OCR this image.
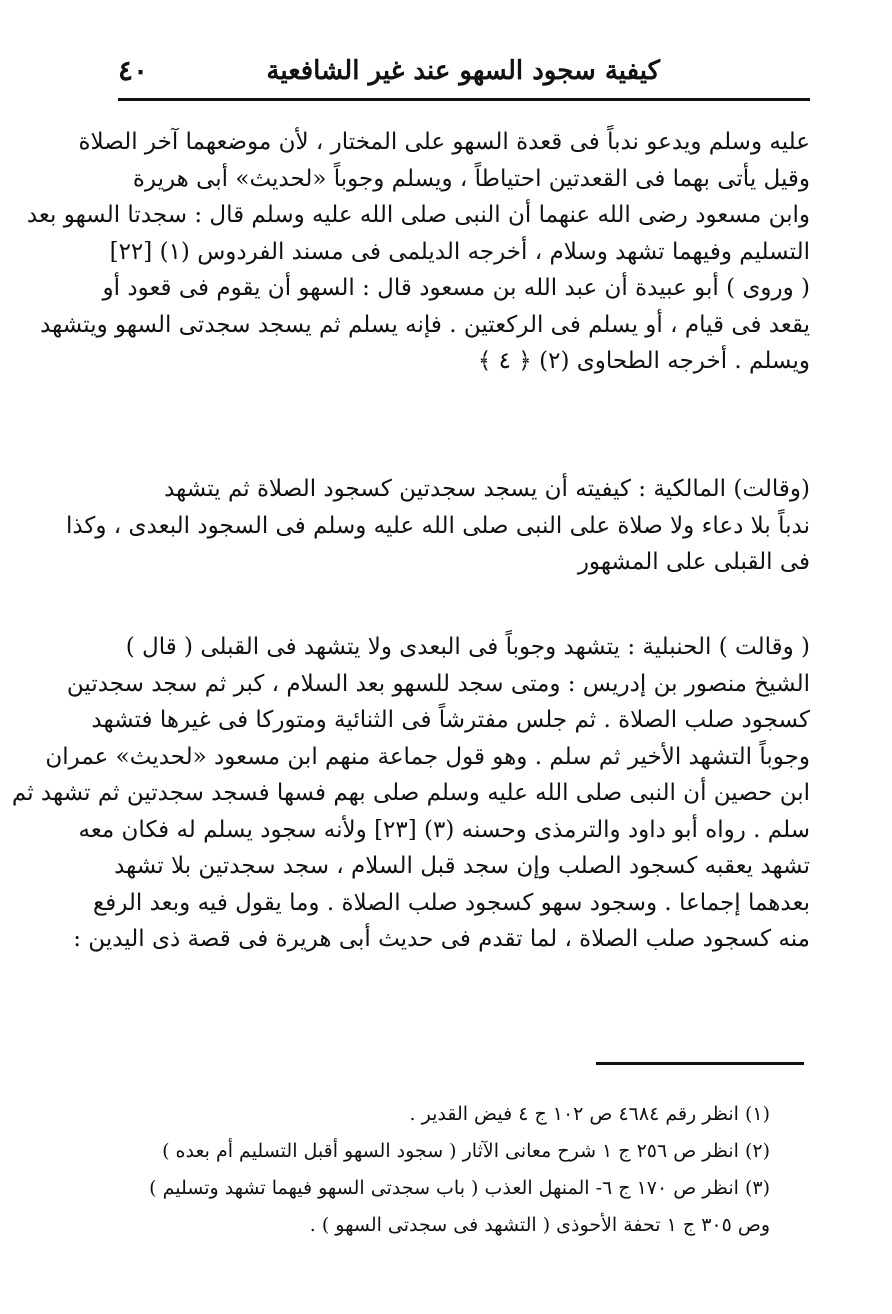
كيفية سجود السهو عند غير الشافعية
٤٠
عليه وسلم ويدعو ندباً فى قعدة السهو على المختار ، لأن موضعهما آخر الصلاة
وقيل يأتى بهما فى القعدتين احتياطاً ، ويسلم وجوباً «لحديث» أبى هريرة
وابن مسعود رضى الله عنهما أن النبى صلى الله عليه وسلم قال : سجدتا السهو بعد
التسليم وفيهما تشهد وسلام ، أخرجه الديلمى فى مسند الفردوس (١) [٢٢]
( وروى ) أبو عبيدة أن عبد الله بن مسعود قال : السهو أن يقوم فى قعود أو
يقعد فى قيام ، أو يسلم فى الركعتين . فإنه يسلم ثم يسجد سجدتى السهو ويتشهد
ويسلم . أخرجه الطحاوى (٢) ﴿ ٤ ﴾
(وقالت) المالكية : كيفيته أن يسجد سجدتين كسجود الصلاة ثم يتشهد
ندباً بلا دعاء ولا صلاة على النبى صلى الله عليه وسلم فى السجود البعدى ، وكذا
فى القبلى على المشهور
( وقالت ) الحنبلية : يتشهد وجوباً فى البعدى ولا يتشهد فى القبلى ( قال )
الشيخ منصور بن إدريس : ومتى سجد للسهو بعد السلام ، كبر ثم سجد سجدتين
كسجود صلب الصلاة . ثم جلس مفترشاً فى الثنائية ومتوركا فى غيرها فتشهد
وجوباً التشهد الأخير ثم سلم . وهو قول جماعة منهم ابن مسعود «لحديث» عمران
ابن حصين أن النبى صلى الله عليه وسلم صلى بهم فسها فسجد سجدتين ثم تشهد ثم
سلم . رواه أبو داود والترمذى وحسنه (٣) [٢٣] ولأنه سجود يسلم له فكان معه
تشهد يعقبه كسجود الصلب وإن سجد قبل السلام ، سجد سجدتين بلا تشهد
بعدهما إجماعا . وسجود سهو كسجود صلب الصلاة . وما يقول فيه وبعد الرفع
منه كسجود صلب الصلاة ، لما تقدم فى حديث أبى هريرة فى قصة ذى اليدين :
(١) انظر رقم ٤٦٨٤ ص ١٠٢ ج ٤ فيض القدير .
(٢) انظر ص ٢٥٦ ج ١ شرح معانى الآثار ( سجود السهو أقبل التسليم أم بعده )
(٣) انظر ص ١٧٠ ج ٦- المنهل العذب ( باب سجدتى السهو فيهما تشهد وتسليم )
وص ٣٠٥ ج ١ تحفة الأحوذى ( التشهد فى سجدتى السهو ) .
